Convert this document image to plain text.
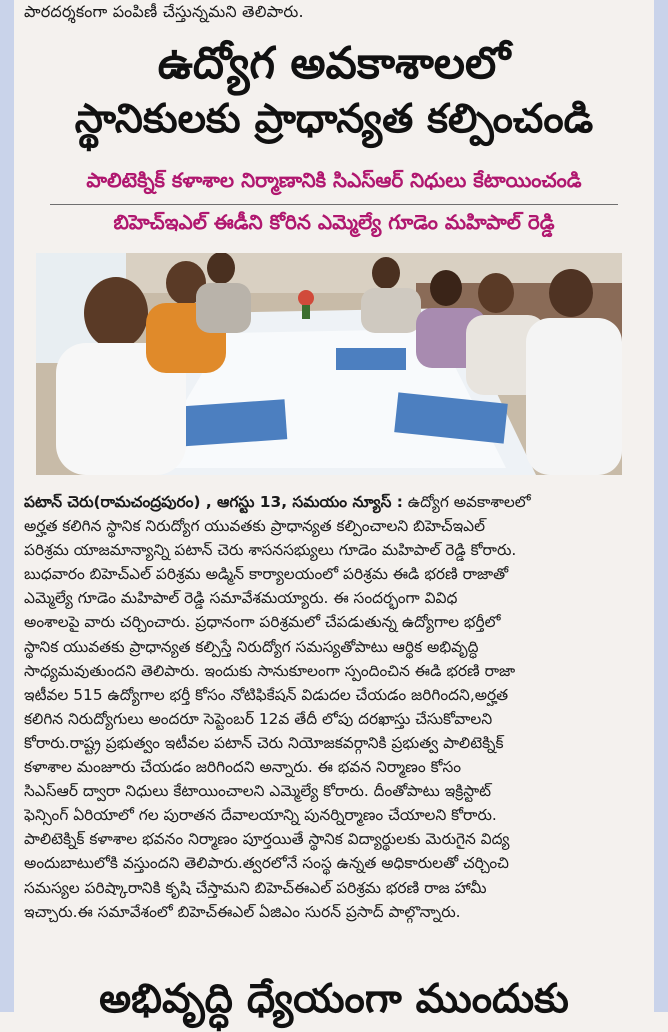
పారదర్శకంగా పంపిణీ చేస్తున్నమని తెలిపారు.
ఉద్యోగ అవకాశాలలో
స్థానికులకు ప్రాధాన్యత కల్పించండి
పాలిటెక్నిక్ కళాశాల నిర్మాణానికి సిఎస్ఆర్ నిధులు కేటాయించండి
బిహెచ్ఇఎల్ ఈడీని కోరిన ఎమ్మెల్యే గూడెం మహిపాల్ రెడ్డి
పటాన్ చెరు(రామచంద్రపురం) , ఆగస్టు 13, సమయం న్యూస్ : ఉద్యోగ అవకాశాలలో
అర్హత కలిగిన స్థానిక నిరుద్యోగ యువతకు ప్రాధాన్యత కల్పించాలని బిహెచ్ఇఎల్
పరిశ్రమ యాజమాన్యాన్ని పటాన్ చెరు శాసనసభ్యులు గూడెం మహిపాల్ రెడ్డి కోరారు.
బుధవారం బిహెచ్ఎల్ పరిశ్రమ అడ్మిన్ కార్యాలయంలో పరిశ్రమ ఈడి భరణి రాజాతో
ఎమ్మెల్యే గూడెం మహిపాల్ రెడ్డి సమావేశమయ్యారు. ఈ సందర్భంగా వివిధ
అంశాలపై వారు చర్చించారు. ప్రధానంగా పరిశ్రమలో చేపడుతున్న ఉద్యోగాల భర్తీలో
స్థానిక యువతకు ప్రాధాన్యత కల్పిస్తే నిరుద్యోగ సమస్యతోపాటు ఆర్థిక అభివృద్ధి
సాధ్యమవుతుందని తెలిపారు. ఇందుకు సానుకూలంగా స్పందించిన ఈడి భరణి రాజా
ఇటీవల 515 ఉద్యోగాల భర్తీ కోసం నోటిఫికేషన్ విడుదల చేయడం జరిగిందని,అర్హత
కలిగిన నిరుద్యోగులు అందరూ సెప్టెంబర్ 12వ తేదీ లోపు దరఖాస్తు చేసుకోవాలని
కోరారు.రాష్ట్ర ప్రభుత్వం ఇటీవల పటాన్ చెరు నియోజకవర్గానికి ప్రభుత్వ పాలిటెక్నిక్
కళాశాల మంజూరు చేయడం జరిగిందని అన్నారు. ఈ భవన నిర్మాణం కోసం
సిఎస్ఆర్ ద్వారా నిధులు కేటాయించాలని ఎమ్మెల్యే కోరారు. దీంతోపాటు ఇక్రిస్టాట్
ఫెన్సింగ్ ఏరియాలో గల పురాతన దేవాలయాన్ని పునర్నిర్మాణం చేయాలని కోరారు.
పాలిటెక్నిక్ కళాశాల భవనం నిర్మాణం పూర్తయితే స్థానిక విద్యార్థులకు మెరుగైన విద్య
అందుబాటులోకి వస్తుందని తెలిపారు.త్వరలోనే సంస్థ ఉన్నత అధికారులతో చర్చించి
సమస్యల పరిష్కారానికి కృషి చేస్తామని బిహెచ్ఈఎల్ పరిశ్రమ భరణి రాజ హామీ
ఇచ్చారు.ఈ సమావేశంలో బిహెచ్ఈఎల్ ఏజిఎం సురన్ ప్రసాద్ పాల్గొన్నారు.
అభివృద్ధి ధ్యేయంగా ముందుకు
